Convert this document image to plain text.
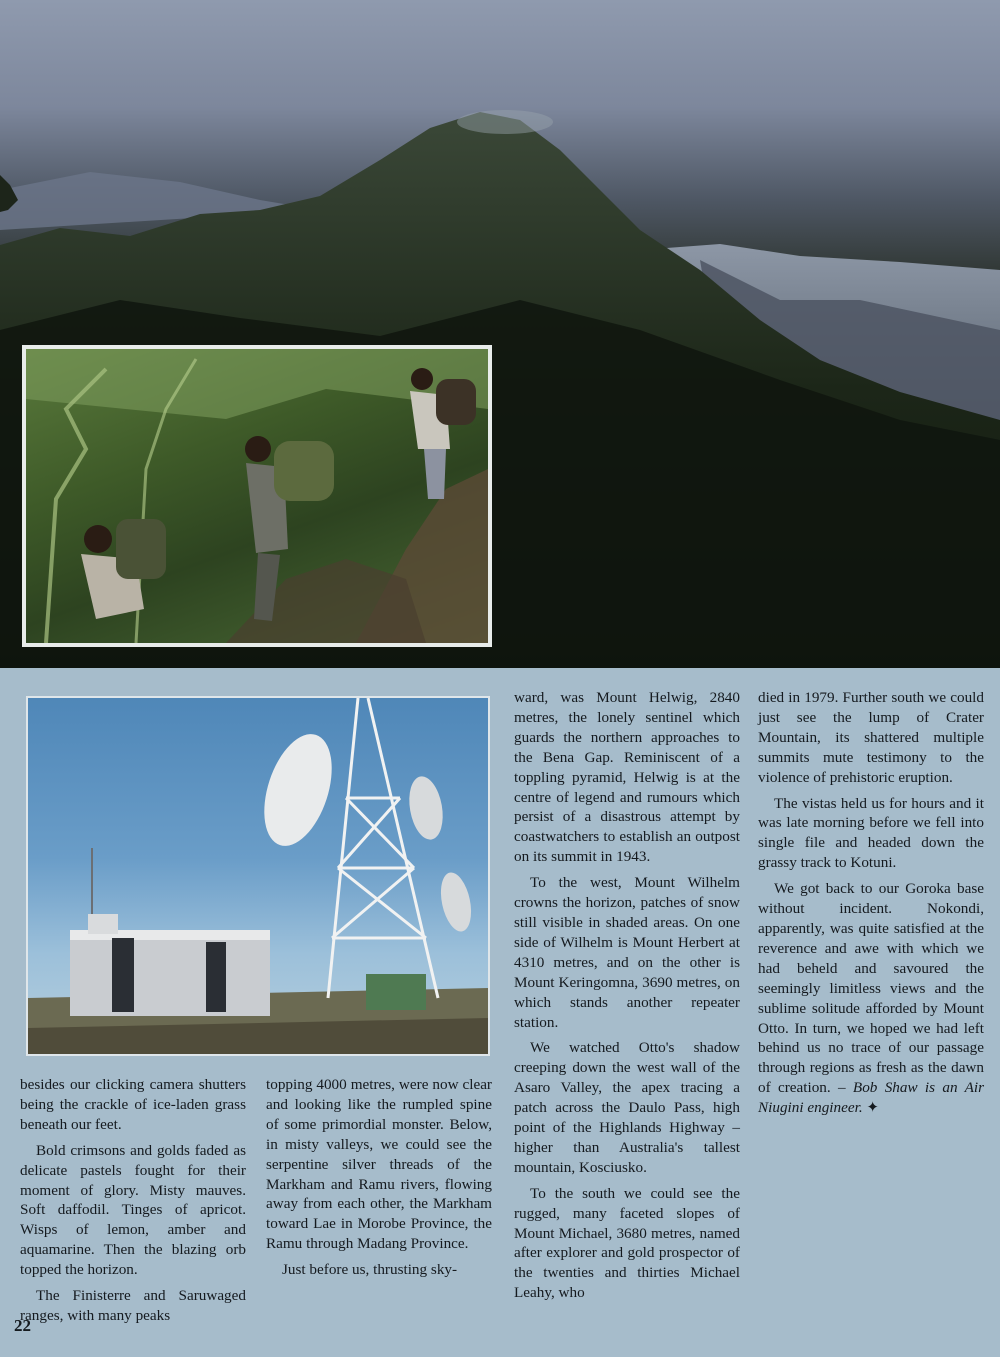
besides our clicking camera shutters being the crackle of ice-laden grass beneath our feet.

Bold crimsons and golds faded as delicate pastels fought for their moment of glory. Misty mauves. Soft daffodil. Tinges of apricot. Wisps of lemon, amber and aquamarine. Then the blazing orb topped the horizon.

The Finisterre and Saruwaged ranges, with many peaks

topping 4000 metres, were now clear and looking like the rumpled spine of some primordial monster. Below, in misty valleys, we could see the serpentine silver threads of the Markham and Ramu rivers, flowing away from each other, the Markham toward Lae in Morobe Province, the Ramu through Madang Province.

Just before us, thrusting sky-

ward, was Mount Helwig, 2840 metres, the lonely sentinel which guards the northern approaches to the Bena Gap. Reminiscent of a toppling pyramid, Helwig is at the centre of legend and rumours which persist of a disastrous attempt by coastwatchers to establish an outpost on its summit in 1943.

To the west, Mount Wilhelm crowns the horizon, patches of snow still visible in shaded areas. On one side of Wilhelm is Mount Herbert at 4310 metres, and on the other is Mount Keringomna, 3690 metres, on which stands another repeater station.

We watched Otto's shadow creeping down the west wall of the Asaro Valley, the apex tracing a patch across the Daulo Pass, high point of the Highlands Highway – higher than Australia's tallest mountain, Kosciusko.

To the south we could see the rugged, many faceted slopes of Mount Michael, 3680 metres, named after explorer and gold prospector of the twenties and thirties Michael Leahy, who

died in 1979. Further south we could just see the lump of Crater Mountain, its shattered multiple summits mute testimony to the violence of prehistoric eruption.

The vistas held us for hours and it was late morning before we fell into single file and headed down the grassy track to Kotuni.

We got back to our Goroka base without incident. Nokondi, apparently, was quite satisfied at the reverence and awe with which we had beheld and savoured the seemingly limitless views and the sublime solitude afforded by Mount Otto. In turn, we hoped we had left behind us no trace of our passage through regions as fresh as the dawn of creation. – Bob Shaw is an Air Niugini engineer. ✦

22
